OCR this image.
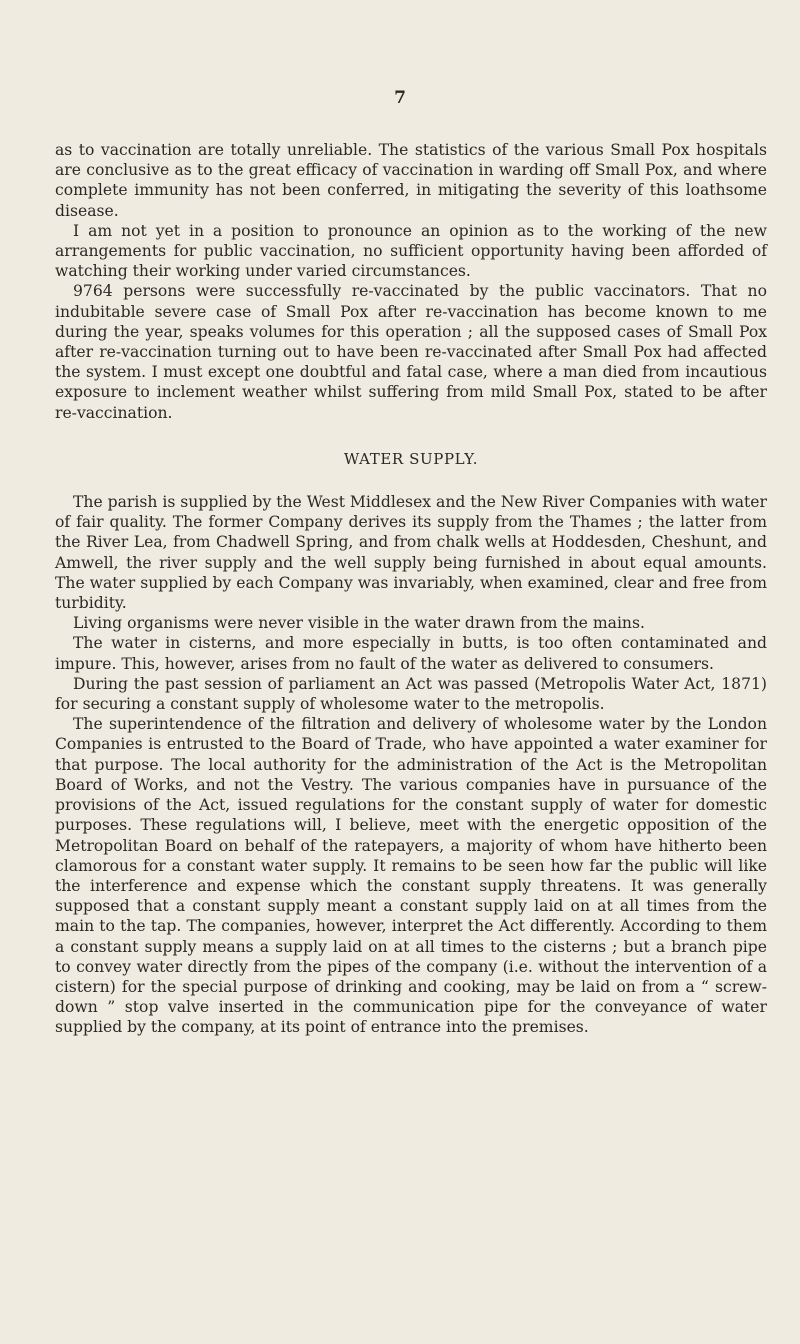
7

as to vaccination are totally unreliable. The statistics of the various Small Pox hospitals are conclusive as to the great efficacy of vaccination in warding off Small Pox, and where complete immunity has not been conferred, in mitigating the severity of this loathsome disease.

I am not yet in a position to pronounce an opinion as to the working of the new arrangements for public vaccination, no sufficient opportunity having been afforded of watching their working under varied circumstances.

9764 persons were successfully re-vaccinated by the public vaccinators. That no indubitable severe case of Small Pox after re-vaccination has become known to me during the year, speaks volumes for this operation ; all the supposed cases of Small Pox after re-vaccination turning out to have been re-vaccinated after Small Pox had affected the system. I must except one doubtful and fatal case, where a man died from incautious exposure to inclement weather whilst suffering from mild Small Pox, stated to be after re-vaccination.

WATER SUPPLY.

The parish is supplied by the West Middlesex and the New River Companies with water of fair quality. The former Company derives its supply from the Thames ; the latter from the River Lea, from Chadwell Spring, and from chalk wells at Hoddesden, Cheshunt, and Amwell, the river supply and the well supply being furnished in about equal amounts. The water supplied by each Company was invariably, when examined, clear and free from turbidity.

Living organisms were never visible in the water drawn from the mains.

The water in cisterns, and more especially in butts, is too often contaminated and impure. This, however, arises from no fault of the water as delivered to consumers.

During the past session of parliament an Act was passed (Metropolis Water Act, 1871) for securing a constant supply of wholesome water to the metropolis.

The superintendence of the filtration and delivery of wholesome water by the London Companies is entrusted to the Board of Trade, who have appointed a water examiner for that purpose. The local authority for the administration of the Act is the Metropolitan Board of Works, and not the Vestry. The various companies have in pursuance of the provisions of the Act, issued regulations for the constant supply of water for domestic purposes. These regulations will, I believe, meet with the energetic opposition of the Metropolitan Board on behalf of the ratepayers, a majority of whom have hitherto been clamorous for a constant water supply. It remains to be seen how far the public will like the interference and expense which the constant supply threatens. It was generally supposed that a constant supply meant a constant supply laid on at all times from the main to the tap. The companies, however, interpret the Act differently. According to them a constant supply means a supply laid on at all times to the cisterns ; but a branch pipe to convey water directly from the pipes of the company (i.e. without the intervention of a cistern) for the special purpose of drinking and cooking, may be laid on from a “ screw-down ” stop valve inserted in the communication pipe for the conveyance of water supplied by the company, at its point of entrance into the premises.
